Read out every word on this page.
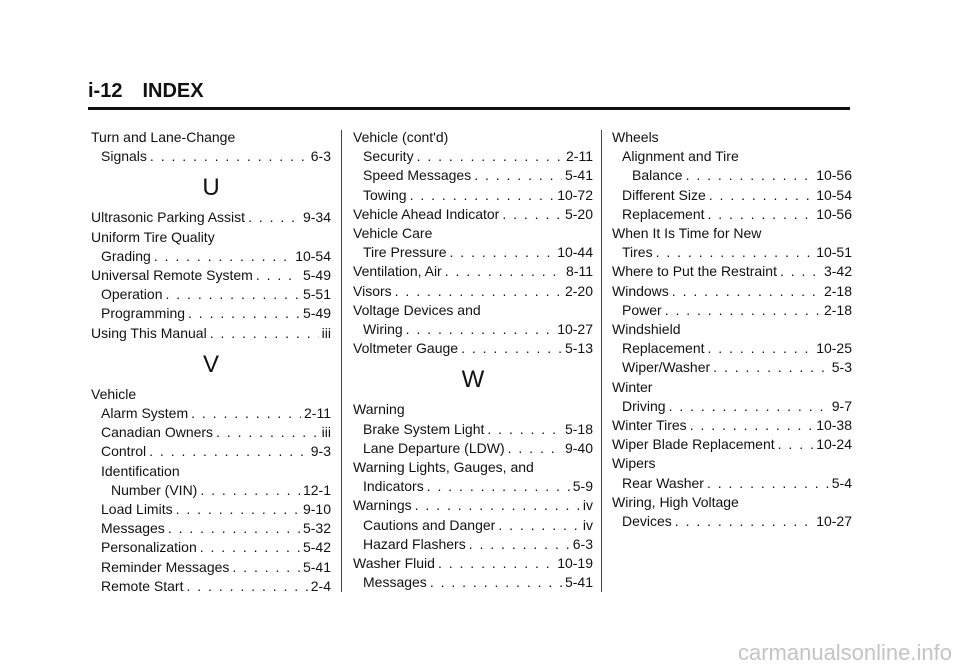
i-12 INDEX
Turn and Lane-Change
Signals . . .	6-3
U
Ultrasonic Parking Assist . . .	9-34
Uniform Tire Quality
Grading . . .	10-54
Universal Remote System . . .	5-49
Operation . . .	5-51
Programming . . .	5-49
Using This Manual . . .	iii
V
Vehicle
Alarm System . . .	2-11
Canadian Owners . . .	iii
Control . . .	9-3
Identification
Number (VIN) . . .	12-1
Load Limits . . .	9-10
Messages . . .	5-32
Personalization . . .	5-42
Reminder Messages . . .	5-41
Remote Start . . .	2-4
Vehicle (cont'd)
Security . . .	2-11
Speed Messages . . .	5-41
Towing . . .	10-72
Vehicle Ahead Indicator . . .	5-20
Vehicle Care
Tire Pressure . . .	10-44
Ventilation, Air . . .	8-11
Visors . . .	2-20
Voltage Devices and
Wiring . . .	10-27
Voltmeter Gauge . . .	5-13
W
Warning
Brake System Light . . .	5-18
Lane Departure (LDW) . . .	9-40
Warning Lights, Gauges, and
Indicators . . .	5-9
Warnings . . .	iv
Cautions and Danger . . .	iv
Hazard Flashers . . .	6-3
Washer Fluid . . .	10-19
Messages . . .	5-41
Wheels
Alignment and Tire
Balance . . .	10-56
Different Size . . .	10-54
Replacement . . .	10-56
When It Is Time for New
Tires . . .	10-51
Where to Put the Restraint . . .	3-42
Windows . . .	2-18
Power . . .	2-18
Windshield
Replacement . . .	10-25
Wiper/Washer . . .	5-3
Winter
Driving . . .	9-7
Winter Tires . . .	10-38
Wiper Blade Replacement . . .	10-24
Wipers
Rear Washer . . .	5-4
Wiring, High Voltage
Devices . . .	10-27
carmanualsonline.info
